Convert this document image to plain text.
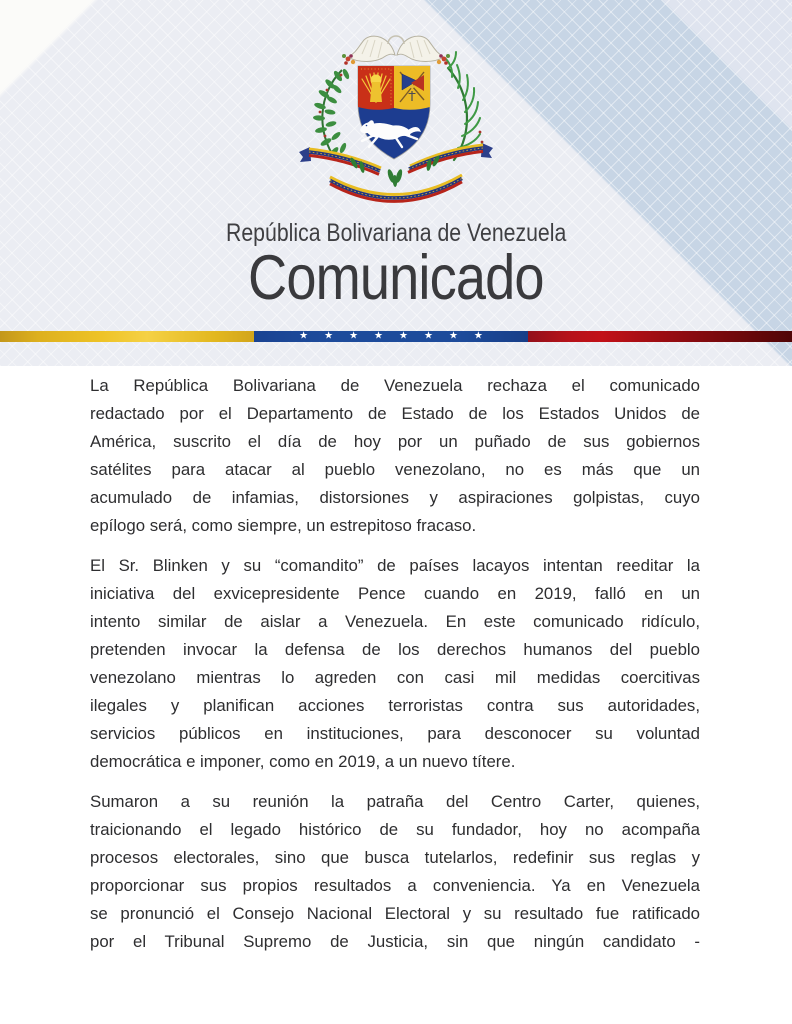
República Bolivariana de Venezuela
Comunicado
★ ★ ★ ★ ★ ★ ★ ★
La República Bolivariana de Venezuela rechaza el comunicado
redactado por el Departamento de Estado de los Estados Unidos de
América, suscrito el día de hoy por un puñado de sus gobiernos
satélites para atacar al pueblo venezolano, no es más que un
acumulado de infamias, distorsiones y aspiraciones golpistas, cuyo
epílogo será, como siempre, un estrepitoso fracaso.
El Sr. Blinken y su “comandito” de países lacayos intentan reeditar la
iniciativa del exvicepresidente Pence cuando en 2019, falló en un
intento similar de aislar a Venezuela. En este comunicado ridículo,
pretenden invocar la defensa de los derechos humanos del pueblo
venezolano mientras lo agreden con casi mil medidas coercitivas
ilegales y planifican acciones terroristas contra sus autoridades,
servicios públicos en instituciones, para desconocer su voluntad
democrática e imponer, como en 2019, a un nuevo títere.
Sumaron a su reunión la patraña del Centro Carter, quienes,
traicionando el legado histórico de su fundador, hoy no acompaña
procesos electorales, sino que busca tutelarlos, redefinir sus reglas y
proporcionar sus propios resultados a conveniencia. Ya en Venezuela
se pronunció el Consejo Nacional Electoral y su resultado fue ratificado
por el Tribunal Supremo de Justicia, sin que ningún candidato -
